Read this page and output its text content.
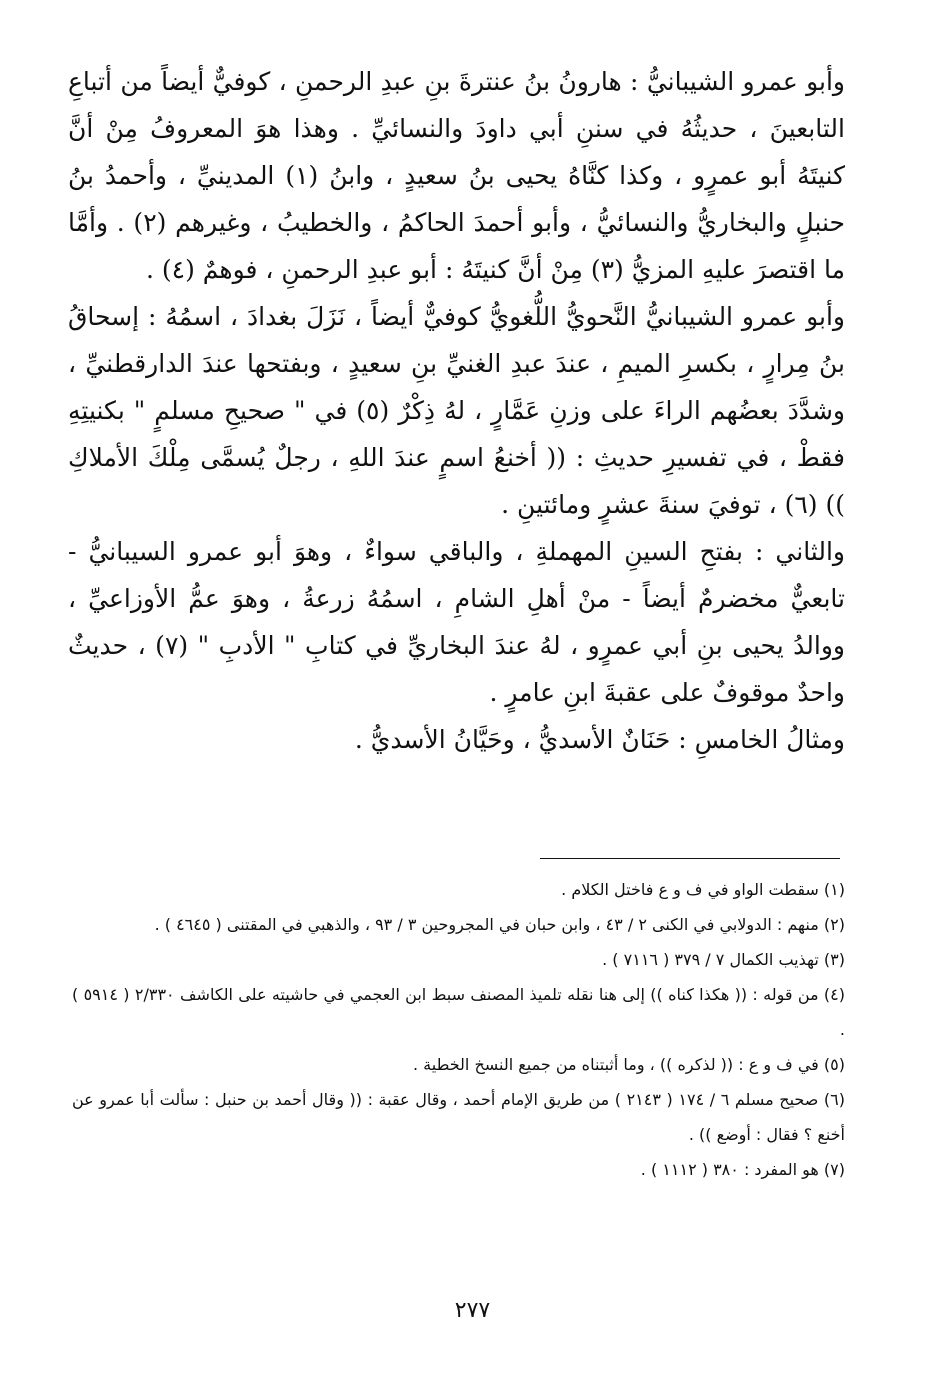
وأبو عمرو الشيبانيُّ : هارونُ بنُ عنترةَ بنِ عبدِ الرحمنِ ، كوفيٌّ أيضاً من أتباعِ التابعينَ ، حديثُهُ في سننِ أبي داودَ والنسائيِّ . وهذا هوَ المعروفُ مِنْ أنَّ كنيتَهُ أبو عمرٍو ، وكذا كنَّاهُ يحيى بنُ سعيدٍ ، وابنُ (١) المدينيِّ ، وأحمدُ بنُ حنبلٍ والبخاريُّ والنسائيُّ ، وأبو أحمدَ الحاكمُ ، والخطيبُ ، وغيرهم (٢) . وأمَّا ما اقتصرَ عليهِ المزيُّ (٣) مِنْ أنَّ كنيتَهُ : أبو عبدِ الرحمنِ ، فوهمٌ (٤) .

وأبو عمرو الشيبانيُّ النَّحويُّ اللُّغويُّ كوفيٌّ أيضاً ، نَزَلَ بغدادَ ، اسمُهُ : إسحاقُ بنُ مِرارٍ ، بكسرِ الميمِ ، عندَ عبدِ الغنيِّ بنِ سعيدٍ ، وبفتحها عندَ الدارقطنيِّ ، وشدَّدَ بعضُهم الراءَ على وزنِ عَمَّارٍ ، لهُ ذِكْرٌ (٥) في " صحيحِ مسلمٍ " بكنيتِهِ فقطْ ، في تفسيرِ حديثِ : (( أخنعُ اسمٍ عندَ اللهِ ، رجلٌ يُسمَّى مِلْكَ الأملاكِ )) (٦) ، توفيَ سنةَ عشرٍ ومائتينِ .

والثاني : بفتحِ السينِ المهملةِ ، والباقي سواءٌ ، وهوَ أبو عمرو السيبانيُّ - تابعيٌّ مخضرمٌ أيضاً - منْ أهلِ الشامِ ، اسمُهُ زرعةُ ، وهوَ عمُّ الأوزاعيِّ ، ووالدُ يحيى بنِ أبي عمرٍو ، لهُ عندَ البخاريِّ في كتابِ " الأدبِ " (٧) ، حديثٌ واحدٌ موقوفٌ على عقبةَ ابنِ عامرٍ .

ومثالُ الخامسِ : حَنَانٌ الأسديُّ ، وحَيَّانُ الأسديُّ .

(١) سقطت الواو في ف و ع فاختل الكلام .

(٢) منهم : الدولابي في الكنى ٢ / ٤٣ ، وابن حبان في المجروحين ٣ / ٩٣ ، والذهبي في المقتنى ( ٤٦٤٥ ) .

(٣) تهذيب الكمال ٧ / ٣٧٩ ( ٧١١٦ ) .

(٤) من قوله : (( هكذا كناه )) إلى هنا نقله تلميذ المصنف سبط ابن العجمي في حاشيته على الكاشف ٢/٣٣٠ ( ٥٩١٤ ) .

(٥) في ف و ع : (( لذكره )) ، وما أثبتناه من جميع النسخ الخطية .

(٦) صحيح مسلم ٦ / ١٧٤ ( ٢١٤٣ ) من طريق الإمام أحمد ، وقال عقبة : (( وقال أحمد بن حنبل : سألت أبا عمرو عن أخنع ؟ فقال : أوضع )) .

(٧) هو المفرد : ٣٨٠ ( ١١١٢ ) .

٢٧٧
